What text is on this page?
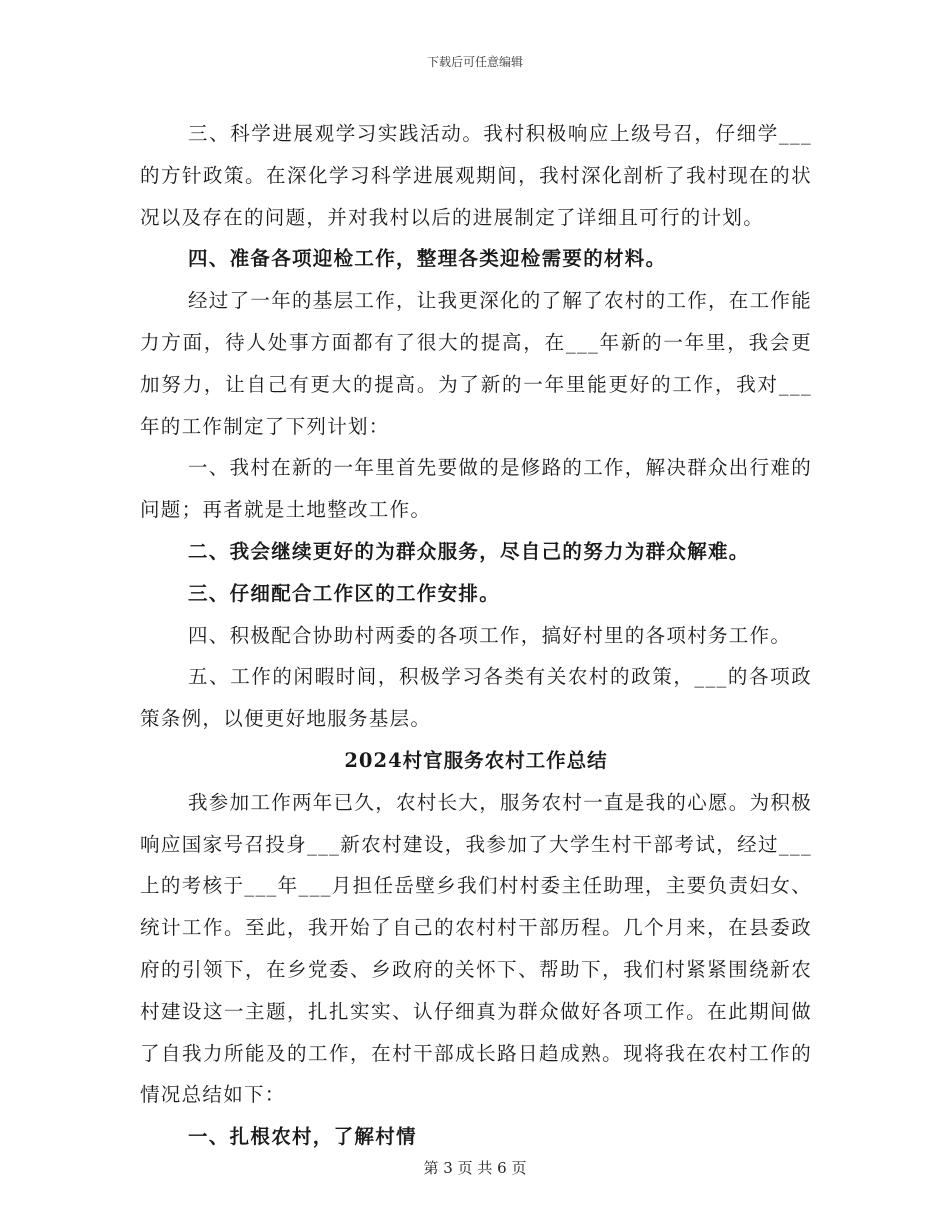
下载后可任意编辑

三、科学进展观学习实践活动。我村积极响应上级号召，仔细学___的方针政策。在深化学习科学进展观期间，我村深化剖析了我村现在的状况以及存在的问题，并对我村以后的进展制定了详细且可行的计划。

四、准备各项迎检工作，整理各类迎检需要的材料。

经过了一年的基层工作，让我更深化的了解了农村的工作，在工作能力方面，待人处事方面都有了很大的提高，在___年新的一年里，我会更加努力，让自己有更大的提高。为了新的一年里能更好的工作，我对___年的工作制定了下列计划：

一、我村在新的一年里首先要做的是修路的工作，解决群众出行难的问题；再者就是土地整改工作。

二、我会继续更好的为群众服务，尽自己的努力为群众解难。

三、仔细配合工作区的工作安排。

四、积极配合协助村两委的各项工作，搞好村里的各项村务工作。

五、工作的闲暇时间，积极学习各类有关农村的政策，___的各项政策条例，以便更好地服务基层。

2024村官服务农村工作总结

我参加工作两年已久，农村长大，服务农村一直是我的心愿。为积极响应国家号召投身___新农村建设，我参加了大学生村干部考试，经过___上的考核于___年___月担任岳壁乡我们村村委主任助理，主要负责妇女、统计工作。至此，我开始了自己的农村村干部历程。几个月来，在县委政府的引领下，在乡党委、乡政府的关怀下、帮助下，我们村紧紧围绕新农村建设这一主题，扎扎实实、认仔细真为群众做好各项工作。在此期间做了自我力所能及的工作，在村干部成长路日趋成熟。现将我在农村工作的情况总结如下：

一、扎根农村，了解村情

第 3 页 共 6 页
